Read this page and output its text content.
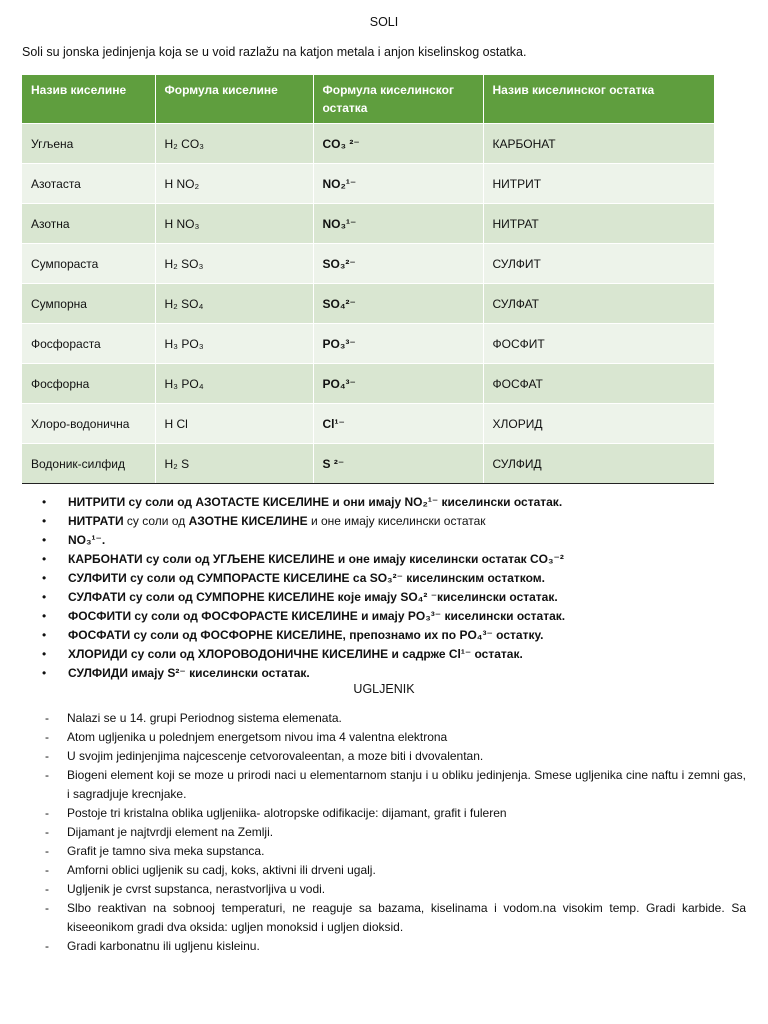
SOLI
Soli su jonska jedinjenja koja se u void razlažu na katjon metala i anjon kiselinskog ostatka.
Назив киселине	Формула киселине	Формула киселинског остатка	Назив киселинског остатка
Угљена	H₂ CO₃	CO₃ ²⁻	КАРБОНАТ
Азотаста	H NO₂	NO₂¹⁻	НИТРИТ
Азотна	H NO₃	NO₃¹⁻	НИТРАТ
Сумпораста	H₂ SO₃	SO₃²⁻	СУЛФИТ
Сумпорна	H₂ SO₄	SO₄²⁻	СУЛФАТ
Фосфораста	H₃ PO₃	PO₃³⁻	ФОСФИТ
Фосфорна	H₃ PO₄	PO₄³⁻	ФОСФАТ
Хлоро-водонична	H Cl	Cl¹⁻	ХЛОРИД
Водоник-силфид	H₂ S	S ²⁻	СУЛФИД
• НИТРИТИ су соли од АЗОТАСТЕ КИСЕЛИНЕ и они имају NO₂¹⁻ киселински остатак.
• НИТРАТИ су соли од АЗОТНЕ КИСЕЛИНЕ и оне имају киселински остатак
• NO₃¹⁻.
• КАРБОНАТИ су соли од УГЉЕНЕ КИСЕЛИНЕ и оне имају киселински остатак CO₃⁻²
• СУЛФИТИ су соли од СУМПОРАСТЕ КИСЕЛИНЕ са SO₃²⁻ киселинским остатком.
• СУЛФАТИ су соли од СУМПОРНЕ КИСЕЛИНЕ које имају SO₄² ⁻киселински остатак.
• ФОСФИТИ су соли од ФОСФОРАСТЕ КИСЕЛИНЕ и имају PO₃³⁻ киселински остатак.
• ФОСФАТИ су соли од ФОСФОРНЕ КИСЕЛИНЕ, препознамо их по PO₄³⁻ остатку.
• ХЛОРИДИ су соли од ХЛОРОВОДОНИЧНЕ КИСЕЛИНЕ и садрже Cl¹⁻ остатак.
• СУЛФИДИ имају S²⁻ киселински остатак.
UGLJENIK
- Nalazi se u 14. grupi Periodnog sistema elemenata.
- Atom ugljenika u polednjem energetsom nivou ima 4 valentna elektrona
- U svojim jedinjenjima najcescenje cetvorovaleentan, a moze biti i dvovalentan.
- Biogeni element koji se moze u prirodi naci u elementarnom stanju i u obliku jedinjenja. Smese ugljenika cine naftu i zemni gas, i sagradjuje krecnjake.
- Postoje tri kristalna oblika ugljeniika- alotropske odifikacije: dijamant, grafit i fuleren
- Dijamant je najtvrdji element na Zemlji.
- Grafit je tamno siva meka supstanca.
- Amforni oblici ugljenik su cadj, koks, aktivni ili drveni ugalj.
- Ugljenik je cvrst supstanca, nerastvorljiva u vodi.
- Slbo reaktivan na sobnooj temperaturi, ne reaguje sa bazama, kiselinama i vodom.na visokim temp. Gradi karbide. Sa kiseeonikom gradi dva oksida: ugljen monoksid i ugljen dioksid.
- Gradi karbonatnu ili ugljenu kisleinu.
